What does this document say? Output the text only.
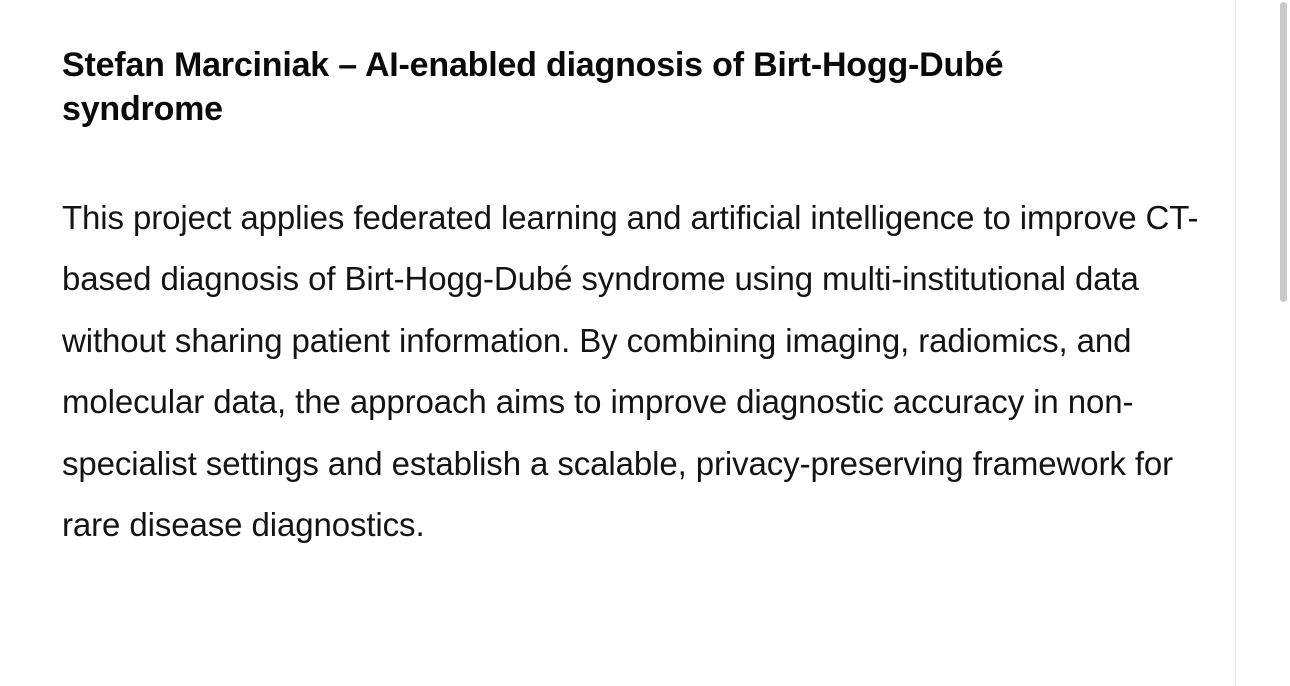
Stefan Marciniak – AI-enabled diagnosis of Birt-Hogg-Dubé syndrome

This project applies federated learning and artificial intelligence to improve CT-based diagnosis of Birt-Hogg-Dubé syndrome using multi-institutional data without sharing patient information. By combining imaging, radiomics, and molecular data, the approach aims to improve diagnostic accuracy in non-specialist settings and establish a scalable, privacy-preserving framework for rare disease diagnostics.
